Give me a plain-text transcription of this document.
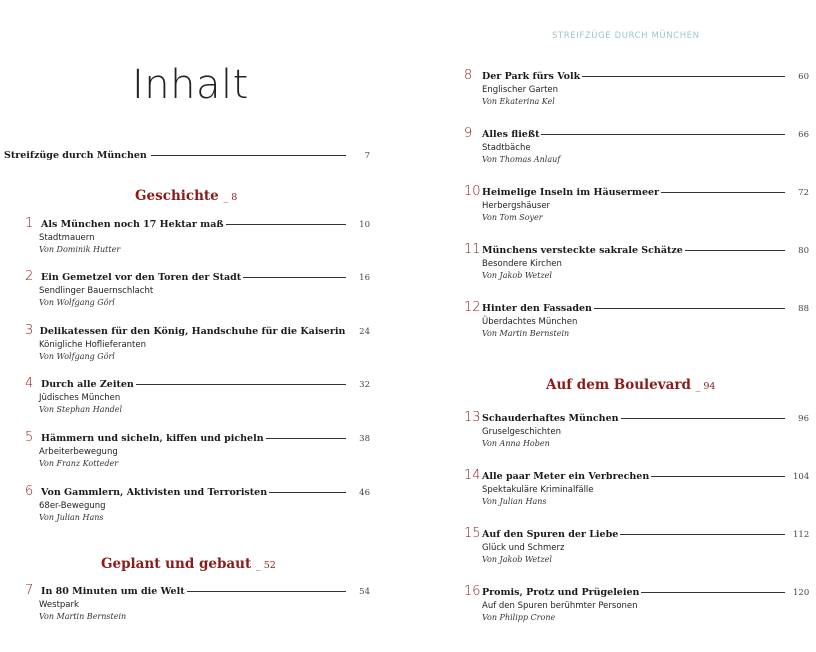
STREIFZÜGE DURCH MÜNCHEN
Inhalt
Streifzüge durch München	7
Geschichte _ 8
Geplant und gebaut _ 52
Auf dem Boulevard _ 94
1 Als München noch 17 Hektar maß	10
Stadtmauern
Von Dominik Hutter
2 Ein Gemetzel vor den Toren der Stadt	16
Sendlinger Bauernschlacht
Von Wolfgang Görl
3 Delikatessen für den König, Handschuhe für die Kaiserin	24
Königliche Hoflieferanten
Von Wolfgang Görl
4 Durch alle Zeiten	32
Jüdisches München
Von Stephan Handel
5 Hämmern und sicheln, kiffen und picheln	38
Arbeiterbewegung
Von Franz Kotteder
6 Von Gammlern, Aktivisten und Terroristen	46
68er-Bewegung
Von Julian Hans
7 In 80 Minuten um die Welt	54
Westpark
Von Martin Bernstein
8	Der Park fürs Volk	60
Englischer Garten
Von Ekaterina Kel
9	Alles fließt	66
Stadtbäche
Von Thomas Anlauf
10 Heimelige Inseln im Häusermeer	72
Herbergshäuser
Von Tom Soyer
11 Münchens versteckte sakrale Schätze	80
Besondere Kirchen
Von Jakob Wetzel
12 Hinter den Fassaden	88
Überdachtes München
Von Martin Bernstein
13 Schauderhaftes München	96
Gruselgeschichten
Von Anna Hoben
14 Alle paar Meter ein Verbrechen	104
Spektakuläre Kriminalfälle
Von Julian Hans
15 Auf den Spuren der Liebe	112
Glück und Schmerz
Von Jakob Wetzel
16 Promis, Protz und Prügeleien	120
Auf den Spuren berühmter Personen
Von Philipp Crone
